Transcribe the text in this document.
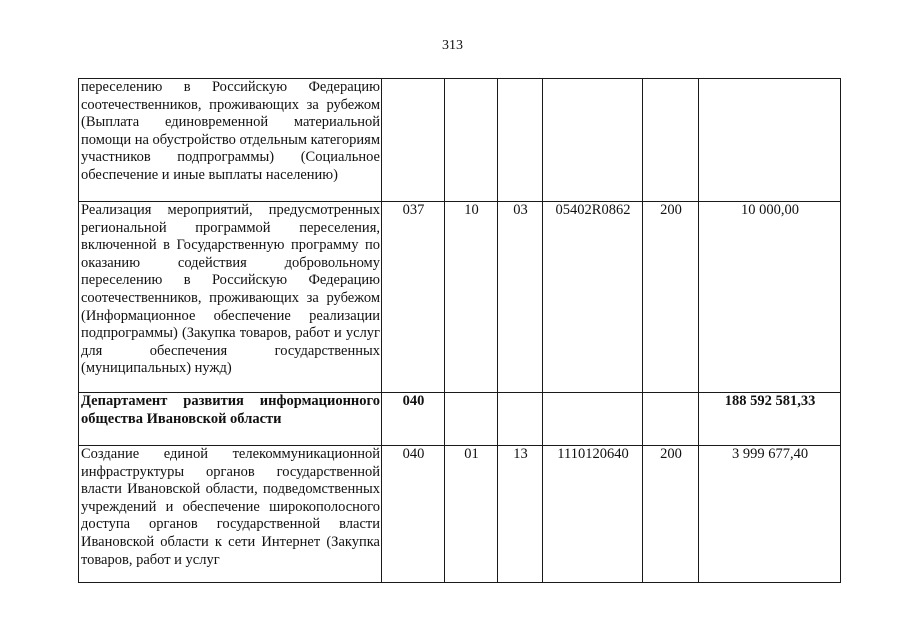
313
переселению в Российскую Федерацию соотечественников, проживающих за рубежом (Выплата единовременной материальной помощи на обустройство отдельным категориям участников подпрограммы) (Социальное обеспечение и иные выплаты населению)						
Реализация мероприятий, предусмотренных региональной программой переселения, включенной в Государственную программу по оказанию содействия добровольному переселению в Российскую Федерацию соотечественников, проживающих за рубежом (Информационное обеспечение реализации подпрограммы) (Закупка товаров, работ и услуг для обеспечения государственных (муниципальных) нужд)	037	10	03	05402R0862	200	10 000,00
Департамент развития информационного общества Ивановской области	040					188 592 581,33

Создание единой телекоммуникационной инфраструктуры органов государственной власти Ивановской области, подведомственных учреждений и обеспечение широкополосного доступа органов государственной власти Ивановской области к сети Интернет (Закупка товаров, работ и услуг	040	01	13	1110120640	200	3 999 677,40
